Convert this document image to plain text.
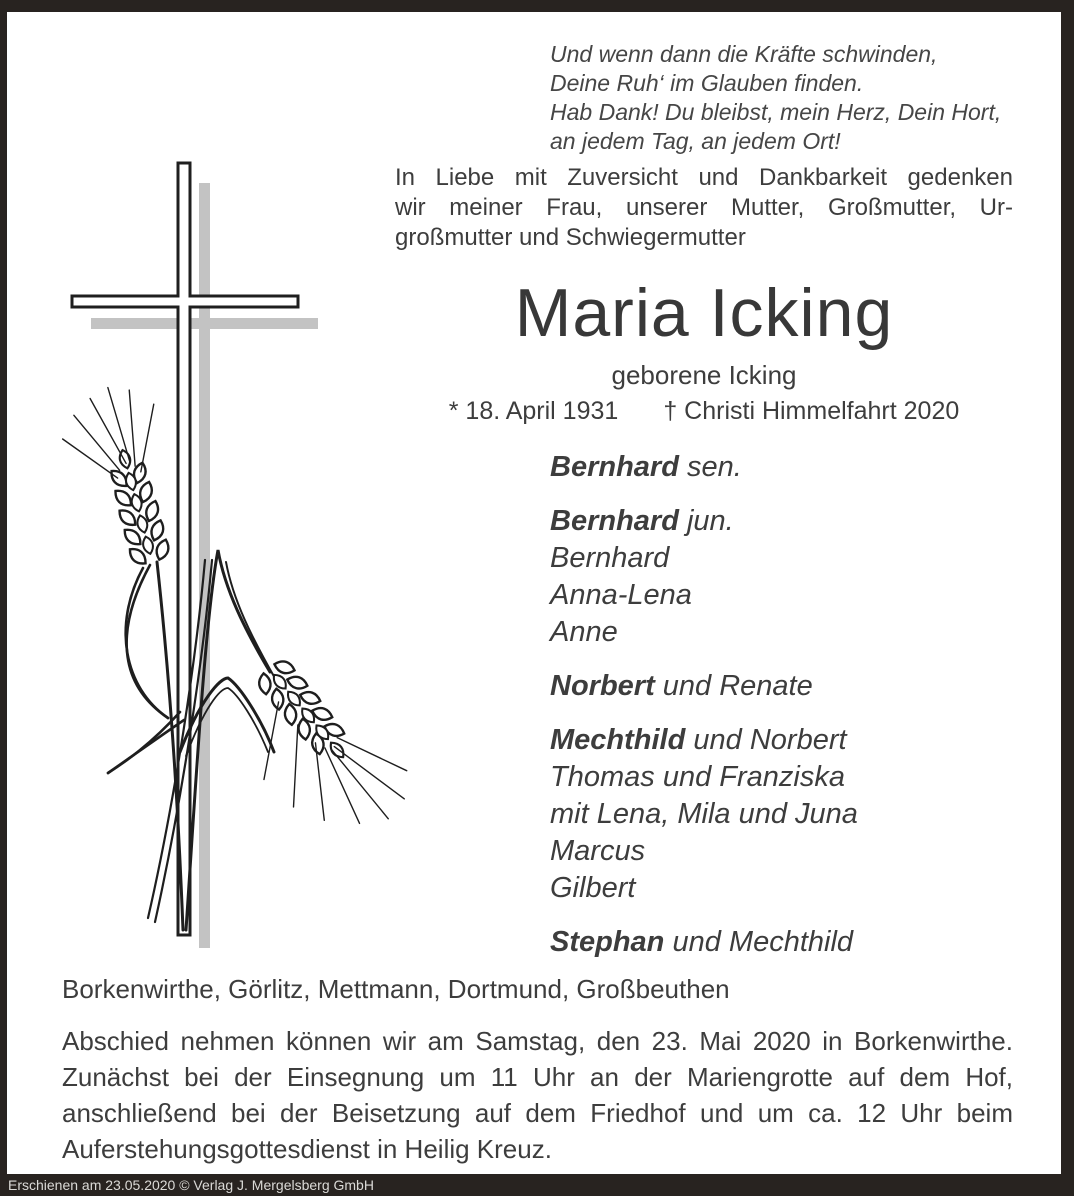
Und wenn dann die Kräfte schwinden,
Deine Ruh‘ im Glauben finden.
Hab Dank! Du bleibst, mein Herz, Dein Hort,
an jedem Tag, an jedem Ort!
In Liebe mit Zuversicht und Dankbarkeit gedenken
wir meiner Frau, unserer Mutter, Großmutter, Ur-
großmutter und Schwiegermutter
Maria Icking
geborene Icking
* 18. April 1931 † Christi Himmelfahrt 2020
Bernhard sen.
Bernhard jun.
Bernhard
Anna-Lena
Anne
Norbert und Renate
Mechthild und Norbert
Thomas und Franziska
mit Lena, Mila und Juna
Marcus
Gilbert
Stephan und Mechthild
Borkenwirthe, Görlitz, Mettmann, Dortmund, Großbeuthen
Abschied nehmen können wir am Samstag, den 23. Mai 2020 in Borkenwirthe.
Zunächst bei der Einsegnung um 11 Uhr an der Mariengrotte auf dem Hof,
anschließend bei der Beisetzung auf dem Friedhof und um ca. 12 Uhr beim
Auferstehungsgottesdienst in Heilig Kreuz.
Erschienen am 23.05.2020 © Verlag J. Mergelsberg GmbH
